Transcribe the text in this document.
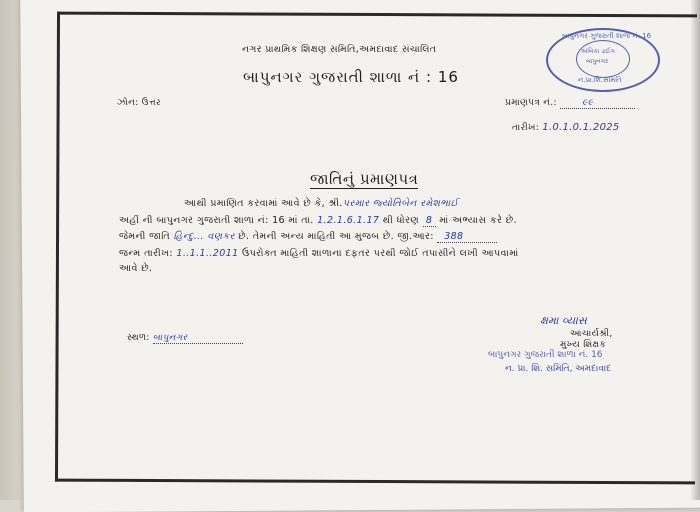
નગર પ્રાથમિક શિક્ષણ સમિતિ,અમદાવાદ સંચાલિત
બાપુનગર ગુજરાતી શાળા નં : 16
બાપુનગર ગુજરાતી શાળા નં. 16
અંબિકા ડાઈંગ
બાપુનગર
ન.પ્રા.શિ.સમિતિ
ઝોન: ઉત્તર	પ્રમાણપત્ર નં.:	૯૯
તારીખ: 1.0.1.0.1.2025
જાતિનું પ્રમાણપત્ર
આથી પ્રમાણિત કરવામાં આવે છે કે, શ્રી.પરમાર જ્યોતિબેન રમેશભાઈ
અહીં ની બાપુનગર ગુજરાતી શાળા નં: 16 માં તા. 1.2.1.6.1.17 થી ધોરણ 8 માં અભ્યાસ કરે છે.
જેમની જાતિ હિન્દુ... વણકર છે. તેમની અન્ય માહિતી આ મુજબ છે. જી.આર: 388
જન્મ તારીખ: 1..1.1..2011 ઉપરોક્ત માહિતી શાળાના દફતર પરથી જોઈ તપાસીને લખી આપવામાં
આવે છે.
સ્થળ: બાપુનગર
ક્ષમા વ્યાસ
આચાર્યશ્રી,
મુખ્ય શિક્ષક
બાપુનગર ગુજરાતી શાળા નં. 16
ન. પ્રા. શિ. સમિતિ, અમદાવાદ
